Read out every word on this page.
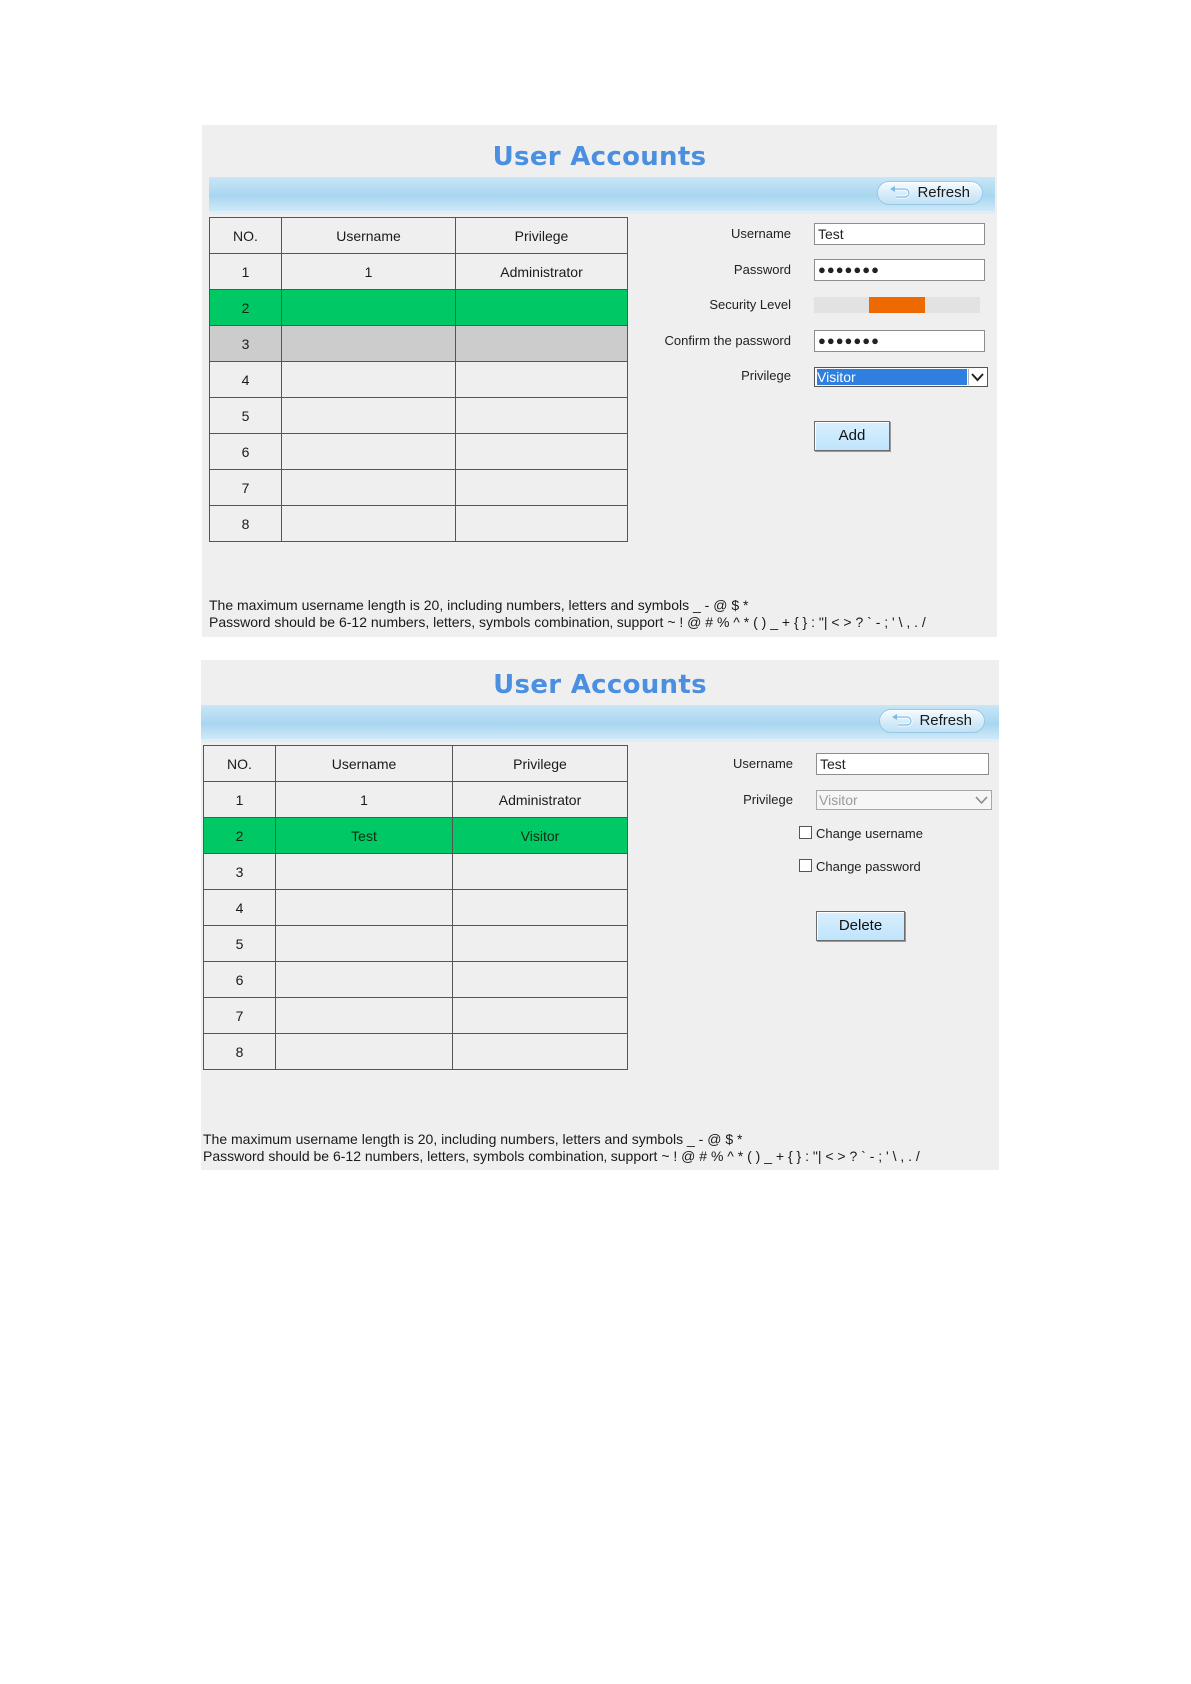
User Accounts
Refresh
NO.	Username	Privilege
1	1	Administrator
2		
3		
4		
5		
6		
7		
8		
Username Test
Password	●●●●●●●
Security Level
Confirm the password	●●●●●●●
Privilege Visitor
Add
The maximum username length is 20, including numbers, letters and symbols _ - @ $ *
Password should be 6-12 numbers, letters, symbols combination‚ support ~ ! @ # % ^ * ( ) _ + { } : "| < > ? ` - ; ' \ , . /
User Accounts
Refresh
NO.	Username	Privilege
1	1	Administrator
2	Test	Visitor
3		
4		
5		
6		
7		
8		
Username Test
Privilege Visitor
Change username
Change password
Delete
The maximum username length is 20, including numbers, letters and symbols _ - @ $ *
Password should be 6-12 numbers, letters, symbols combination‚ support ~ ! @ # % ^ * ( ) _ + { } : "| < > ? ` - ; ' \ , . /
